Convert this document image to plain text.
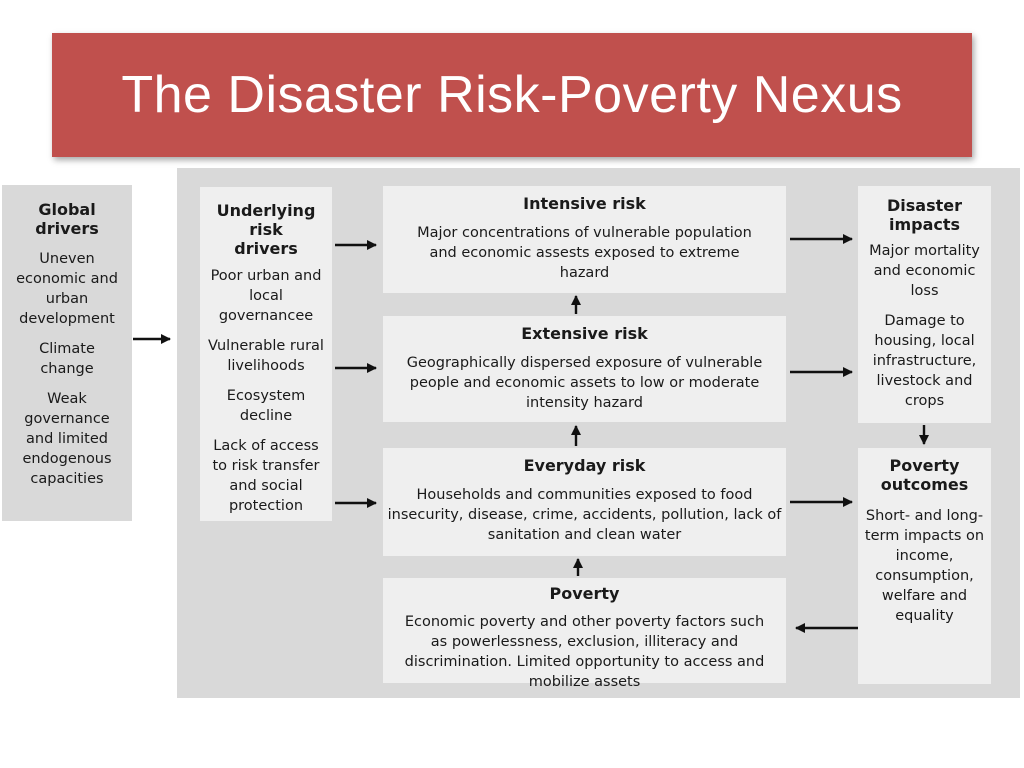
The Disaster Risk-Poverty Nexus
Global drivers
Uneven economic and urban development
Climate change
Weak governance and limited endogenous capacities
Underlying risk drivers
Poor urban and local governancee
Vulnerable rural livelihoods
Ecosystem decline
Lack of access to risk transfer and social protection
Intensive risk
Major concentrations of vulnerable population and economic assests exposed to extreme hazard
Extensive risk
Geographically dispersed exposure of vulnerable people and economic assets to low or moderate intensity hazard
Everyday risk
Households and communities exposed to food insecurity, disease, crime, accidents, pollution, lack of sanitation and clean water
Poverty
Economic poverty and other poverty factors such as powerlessness, exclusion, illiteracy and discrimination. Limited opportunity to access and mobilize assets
Disaster impacts
Major mortality and economic loss
Damage to housing, local infrastructure, livestock and crops
Poverty outcomes
Short- and long-term impacts on income, consumption, welfare and equality
